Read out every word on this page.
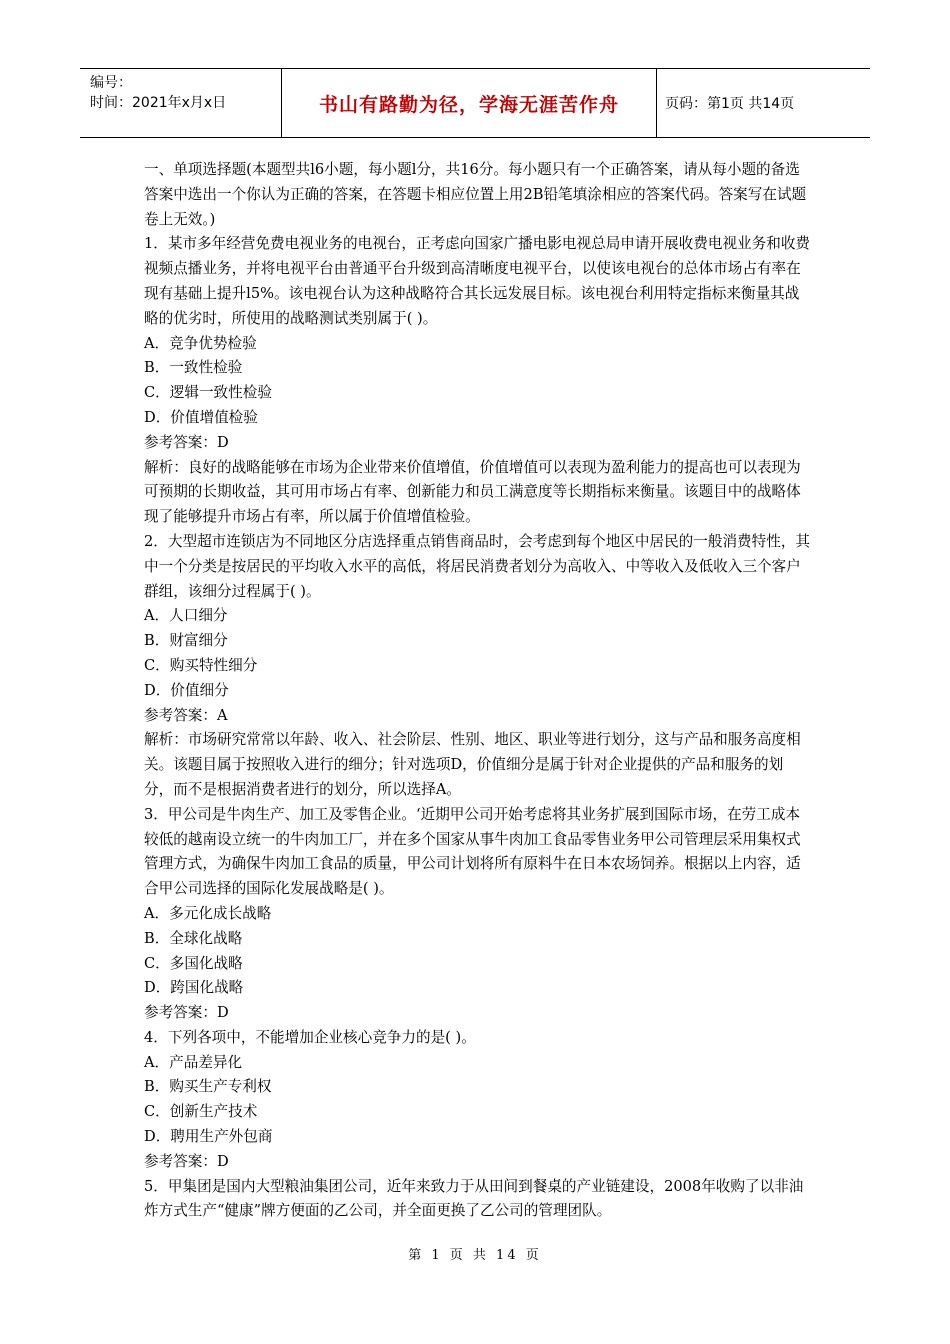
编号：
时间：2021年x月x日	书山有路勤为径，学海无涯苦作舟	页码：第1页 共14页

一、单项选择题(本题型共l6小题，每小题l分，共16分。每小题只有一个正确答案，请从每小题的备选答案中选出一个你认为正确的答案，在答题卡相应位置上用2B铅笔填涂相应的答案代码。答案写在试题卷上无效。)

1．某市多年经营免费电视业务的电视台，正考虑向国家广播电影电视总局申请开展收费电视业务和收费视频点播业务，并将电视平台由普通平台升级到高清晰度电视平台，以使该电视台的总体市场占有率在现有基础上提升l5%。该电视台认为这种战略符合其长远发展目标。该电视台利用特定指标来衡量其战略的优劣时，所使用的战略测试类别属于( )。

A．竞争优势检验

B．一致性检验

C．逻辑一致性检验

D．价值增值检验

参考答案：D

解析：良好的战略能够在市场为企业带来价值增值，价值增值可以表现为盈利能力的提高也可以表现为可预期的长期收益，其可用市场占有率、创新能力和员工满意度等长期指标来衡量。该题目中的战略体现了能够提升市场占有率，所以属于价值增值检验。

2．大型超市连锁店为不同地区分店选择重点销售商品时，会考虑到每个地区中居民的一般消费特性，其中一个分类是按居民的平均收入水平的高低，将居民消费者划分为高收入、中等收入及低收入三个客户群组，该细分过程属于( )。

A．人口细分

B．财富细分

C．购买特性细分

D．价值细分

参考答案：A

解析：市场研究常常以年龄、收入、社会阶层、性别、地区、职业等进行划分，这与产品和服务高度相关。该题目属于按照收入进行的细分；针对选项D，价值细分是属于针对企业提供的产品和服务的划分，而不是根据消费者进行的划分，所以选择A。

3．甲公司是牛肉生产、加工及零售企业。‘近期甲公司开始考虑将其业务扩展到国际市场，在劳工成本较低的越南设立统一的牛肉加工厂，并在多个国家从事牛肉加工食品零售业务甲公司管理层采用集权式管理方式，为确保牛肉加工食品的质量，甲公司计划将所有原料牛在日本农场饲养。根据以上内容，适合甲公司选择的国际化发展战略是( )。

A．多元化成长战略

B．全球化战略

C．多国化战略

D．跨国化战略

参考答案：D

4．下列各项中，不能增加企业核心竞争力的是( )。

A．产品差异化

B．购买生产专利权

C．创新生产技术

D．聘用生产外包商

参考答案：D

5．甲集团是国内大型粮油集团公司，近年来致力于从田间到餐桌的产业链建设，2008年收购了以非油炸方式生产“健康”牌方便面的乙公司，并全面更换了乙公司的管理团队。

第 1 页 共 14 页
